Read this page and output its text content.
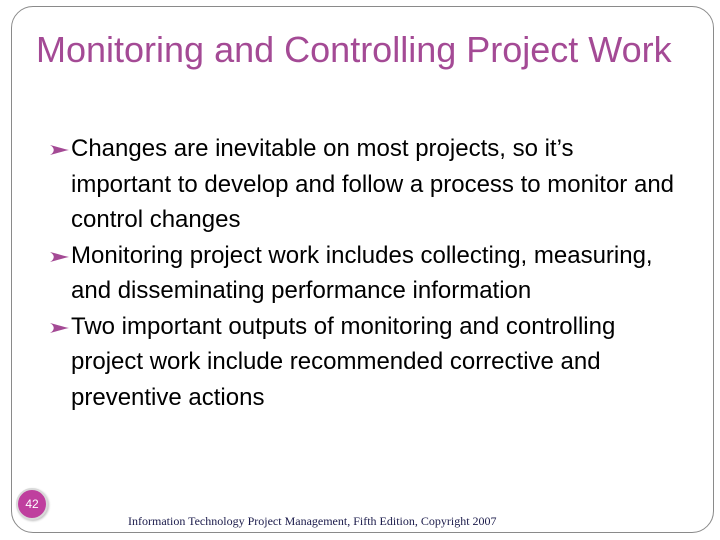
Monitoring and Controlling Project Work
Changes are inevitable on most projects, so it’s important to develop and follow a process to monitor and control changes
Monitoring project work includes collecting, measuring, and disseminating performance information
Two important outputs of monitoring and controlling project work include recommended corrective and preventive actions
42
Information Technology Project Management, Fifth Edition, Copyright 2007
